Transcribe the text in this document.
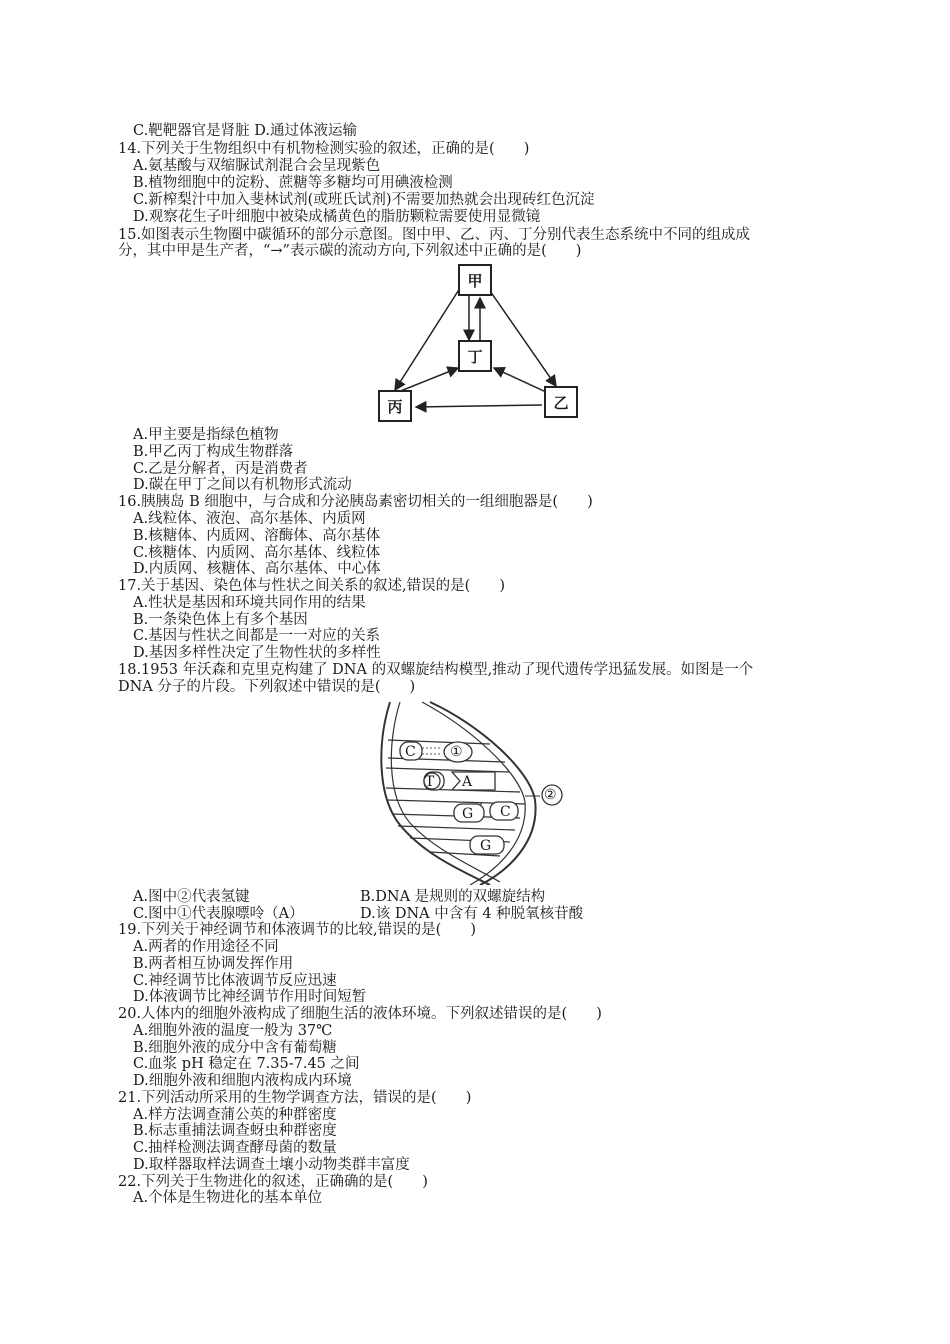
C.靶靶器官是肾脏 D.通过体液运输
14.下列关于生物组织中有机物检测实验的叙述，正确的是(　　)
A.氨基酸与双缩脲试剂混合会呈现紫色
B.植物细胞中的淀粉、蔗糖等多糖均可用碘液检测
C.新榨梨汁中加入斐林试剂(或班氏试剂)不需要加热就会出现砖红色沉淀
D.观察花生子叶细胞中被染成橘黄色的脂肪颗粒需要使用显微镜
15.如图表示生物圈中碳循环的部分示意图。图中甲、乙、丙、丁分别代表生态系统中不同的组成成
分，其中甲是生产者，“→”表示碳的流动方向,下列叙述中正确的是(　　)
甲
丁
丙	乙
A.甲主要是指绿色植物
B.甲乙丙丁构成生物群落
C.乙是分解者，丙是消费者
D.碳在甲丁之间以有机物形式流动
16.胰胰岛 B 细胞中，与合成和分泌胰岛素密切相关的一组细胞器是(　　)
A.线粒体、液泡、高尔基体、内质网
B.核糖体、内质网、溶酶体、高尔基体
C.核糖体、内质网、高尔基体、线粒体
D.内质网、核糖体、高尔基体、中心体
17.关于基因、染色体与性状之间关系的叙述,错误的是(　　)
A.性状是基因和环境共同作用的结果
B.一条染色体上有多个基因
C.基因与性状之间都是一一对应的关系
D.基因多样性决定了生物性状的多样性
18.1953 年沃森和克里克构建了 DNA 的双螺旋结构模型,推动了现代遗传学迅猛发展。如图是一个
DNA 分子的片段。下列叙述中错误的是(　　)
C ①
T A
G C
G
②
A.图中②代表氢键	B.DNA 是规则的双螺旋结构
C.图中①代表腺嘌呤（A）	D.该 DNA 中含有 4 种脱氧核苷酸
19.下列关于神经调节和体液调节的比较,错误的是(　　)
A.两者的作用途径不同
B.两者相互协调发挥作用
C.神经调节比体液调节反应迅速
D.体液调节比神经调节作用时间短暂
20.人体内的细胞外液构成了细胞生活的液体环境。下列叙述错误的是(　　)
A.细胞外液的温度一般为 37℃
B.细胞外液的成分中含有葡萄糖
C.血浆 pH 稳定在 7.35-7.45 之间
D.细胞外液和细胞内液构成内环境
21.下列活动所采用的生物学调查方法，错误的是(　　)
A.样方法调查蒲公英的种群密度
B.标志重捕法调查蚜虫种群密度
C.抽样检测法调查酵母菌的数量
D.取样器取样法调查土壤小动物类群丰富度
22.下列关于生物进化的叙述，正确确的是(　　)
A.个体是生物进化的基本单位
